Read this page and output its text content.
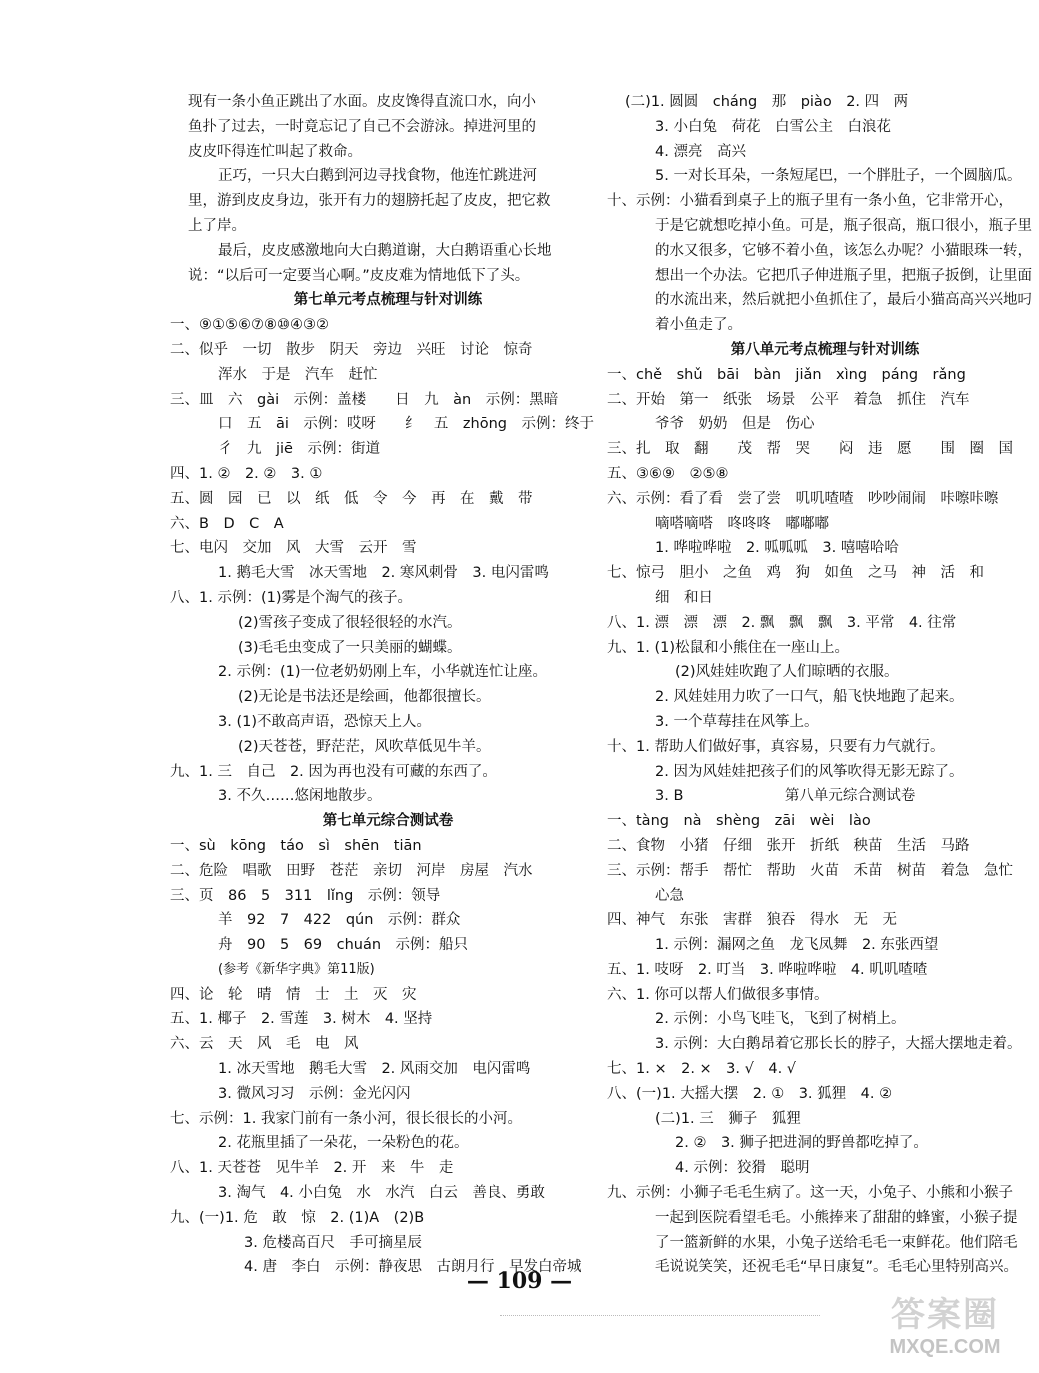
现有一条小鱼正跳出了水面。皮皮馋得直流口水，向小
鱼扑了过去，一时竟忘记了自己不会游泳。掉进河里的
皮皮吓得连忙叫起了救命。
正巧，一只大白鹅到河边寻找食物，他连忙跳进河
里，游到皮皮身边，张开有力的翅膀托起了皮皮，把它救
上了岸。
最后，皮皮感激地向大白鹅道谢，大白鹅语重心长地
说：“以后可一定要当心啊。”皮皮难为情地低下了头。
第七单元考点梳理与针对训练
一、⑨①⑤⑥⑦⑧⑩④③②
二、似乎　一切　散步　阴天　旁边　兴旺　讨论　惊奇
浑水　于是　汽车　赶忙
三、皿　六　gài　示例：盖楼　　日　九　àn　示例：黑暗
口　五　āi　示例：哎呀　　纟　五　zhōng　示例：终于
彳　九　jiē　示例：街道
四、1. ②　2. ②　3. ①
五、圆　园　已　以　纸　低　令　今　再　在　戴　带
六、B　D　C　A
七、电闪　交加　风　大雪　云开　雪
1. 鹅毛大雪　冰天雪地　2. 寒风刺骨　3. 电闪雷鸣
八、1. 示例：(1)雾是个淘气的孩子。
(2)雪孩子变成了很轻很轻的水汽。
(3)毛毛虫变成了一只美丽的蝴蝶。
2. 示例：(1)一位老奶奶刚上车，小华就连忙让座。
(2)无论是书法还是绘画，他都很擅长。
3. (1)不敢高声语，恐惊天上人。
(2)天苍苍，野茫茫，风吹草低见牛羊。
九、1. 三　自己　2. 因为再也没有可藏的东西了。
3. 不久……悠闲地散步。
第七单元综合测试卷
一、sù　kōng　táo　sì　shēn　tiān
二、危险　唱歌　田野　苍茫　亲切　河岸　房屋　汽水
三、页　86　5　311　lǐng　示例：领导
羊　92　7　422　qún　示例：群众
舟　90　5　69　chuán　示例：船只
(参考《新华字典》第11版)
四、论　轮　晴　情　士　土　灭　灾
五、1. 椰子　2. 雪莲　3. 树木　4. 坚持
六、云　天　风　毛　电　风
1. 冰天雪地　鹅毛大雪　2. 风雨交加　电闪雷鸣
3. 微风习习　示例：金光闪闪
七、示例：1. 我家门前有一条小河，很长很长的小河。
2. 花瓶里插了一朵花，一朵粉色的花。
八、1. 天苍苍　见牛羊　2. 开　来　牛　走
3. 淘气　4. 小白兔　水　水汽　白云　善良、勇敢
九、(一)1. 危　敢　惊　2. (1)A　(2)B
3. 危楼高百尺　手可摘星辰
4. 唐　李白　示例：静夜思　古朗月行　早发白帝城
(二)1. 圆圆　cháng　那　piào　2. 四　两
3. 小白兔　荷花　白雪公主　白浪花
4. 漂亮　高兴
5. 一对长耳朵，一条短尾巴，一个胖肚子，一个圆脑瓜。
十、示例：小猫看到桌子上的瓶子里有一条小鱼，它非常开心，
于是它就想吃掉小鱼。可是，瓶子很高，瓶口很小，瓶子里
的水又很多，它够不着小鱼，该怎么办呢？小猫眼珠一转，
想出一个办法。它把爪子伸进瓶子里，把瓶子扳倒，让里面
的水流出来，然后就把小鱼抓住了，最后小猫高高兴兴地叼
着小鱼走了。
第八单元考点梳理与针对训练
一、chě　shǔ　bāi　bàn　jiǎn　xìng　páng　rǎng
二、开始　第一　纸张　场景　公平　着急　抓住　汽车
爷爷　奶奶　但是　伤心
三、扎　取　翻　　茂　帮　哭　　闷　违　愿　　围　圈　国
五、③⑥⑨　②⑤⑧
六、示例：看了看　尝了尝　叽叽喳喳　吵吵闹闹　咔嚓咔嚓
嘀嗒嘀嗒　咚咚咚　嘟嘟嘟
1. 哗啦哗啦　2. 呱呱呱　3. 嘻嘻哈哈
七、惊弓　胆小　之鱼　鸡　狗　如鱼　之马　神　活　和
细　和日
八、1. 漂　漂　漂　2. 飘　飘　飘　3. 平常　4. 往常
九、1. (1)松鼠和小熊住在一座山上。
(2)风娃娃吹跑了人们晾晒的衣服。
2. 风娃娃用力吹了一口气，船飞快地跑了起来。
3. 一个草莓挂在风筝上。
十、1. 帮助人们做好事，真容易，只要有力气就行。
2. 因为风娃娃把孩子们的风筝吹得无影无踪了。
3. B　　　　　　　第八单元综合测试卷
一、tàng　nà　shèng　zāi　wèi　lào
二、食物　小猪　仔细　张开　折纸　秧苗　生活　马路
三、示例：帮手　帮忙　帮助　火苗　禾苗　树苗　着急　急忙
心急
四、神气　东张　害群　狼吞　得水　无　无
1. 示例：漏网之鱼　龙飞凤舞　2. 东张西望
五、1. 吱呀　2. 叮当　3. 哗啦哗啦　4. 叽叽喳喳
六、1. 你可以帮人们做很多事情。
2. 示例：小鸟飞哇飞，飞到了树梢上。
3. 示例：大白鹅昂着它那长长的脖子，大摇大摆地走着。
七、1. ×　2. ×　3. √　4. √
八、(一)1. 大摇大摆　2. ①　3. 狐狸　4. ②
(二)1. 三　狮子　狐狸
2. ②　3. 狮子把进洞的野兽都吃掉了。
4. 示例：狡猾　聪明
九、示例：小狮子毛毛生病了。这一天，小兔子、小熊和小猴子
一起到医院看望毛毛。小熊捧来了甜甜的蜂蜜，小猴子提
了一篮新鲜的水果，小兔子送给毛毛一束鲜花。他们陪毛
毛说说笑笑，还祝毛毛“早日康复”。毛毛心里特别高兴。
— 109 —
答案圈
MXQE.COM
